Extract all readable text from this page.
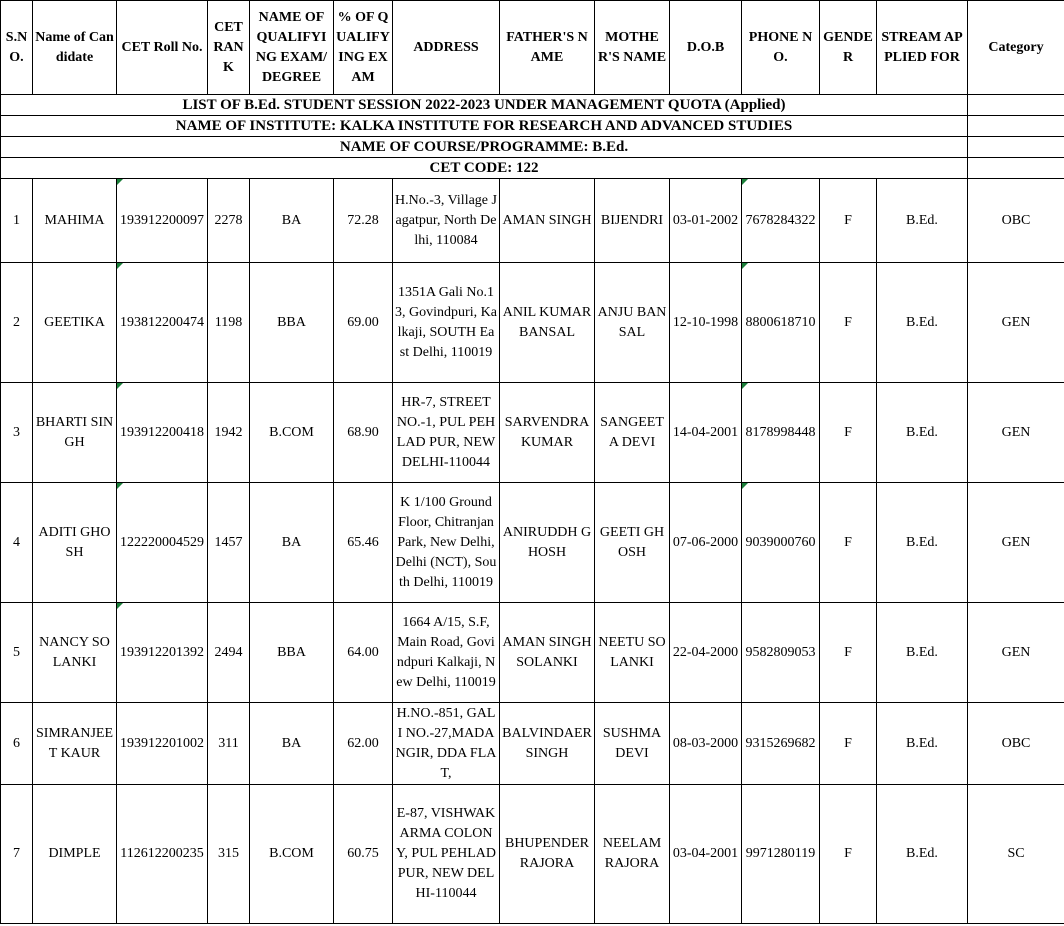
LIST OF B.Ed. STUDENT SESSION 2022-2023 UNDER MANAGEMENT QUOTA (Applied)													
NAME OF INSTITUTE: KALKA INSTITUTE FOR RESEARCH AND ADVANCED STUDIES													
NAME OF COURSE/PROGRAMME: B.Ed.													
CET CODE: 122													
S.NO.	Name of Candidate	CET Roll No.	CET RANK	NAME OF QUALIFYING EXAM/DEGREE	% OF QUALIFYING EXAM	ADDRESS	FATHER'S NAME	MOTHER'S NAME	D.O.B	PHONE NO.	GENDER	STREAM APPLIED FOR	Category
1	MAHIMA	193912200097	2278	BA	72.28	H.No.-3, Village Jagatpur, North Delhi, 110084	AMAN SINGH	BIJENDRI	03-01-2002	7678284322	F	B.Ed.	OBC
2	GEETIKA	193812200474	1198	BBA	69.00	1351A Gali No.13, Govindpuri, Kalkaji, SOUTH East Delhi, 110019	ANIL KUMAR BANSAL	ANJU BANSAL	12-10-1998	8800618710	F	B.Ed.	GEN
3	BHARTI SINGH	193912200418	1942	B.COM	68.90	HR-7, STREET NO.-1, PUL PEHLAD PUR, NEW DELHI-110044	SARVENDRA KUMAR	SANGEETA DEVI	14-04-2001	8178998448	F	B.Ed.	GEN
4	ADITI GHOSH	122220004529	1457	BA	65.46	K 1/100 Ground Floor, Chitranjan Park, New Delhi, Delhi (NCT), South Delhi, 110019	ANIRUDDH GHOSH	GEETI GHOSH	07-06-2000	9039000760	F	B.Ed.	GEN
5	NANCY SOLANKI	193912201392	2494	BBA	64.00	1664 A/15, S.F, Main Road, Govindpuri Kalkaji, New Delhi, 110019	AMAN SINGH SOLANKI	NEETU SOLANKI	22-04-2000	9582809053	F	B.Ed.	GEN
6	SIMRANJEET KAUR	193912201002	311	BA	62.00	H.NO.-851, GALI NO.-27,MADANGIR, DDA FLAT,	BALVINDAER SINGH	SUSHMA DEVI	08-03-2000	9315269682	F	B.Ed.	OBC
7	DIMPLE	112612200235	315	B.COM	60.75	E-87, VISHWAKARMA COLONY, PUL PEHLADPUR, NEW DELHI-110044	BHUPENDER RAJORA	NEELAM RAJORA	03-04-2001	9971280119	F	B.Ed.	SC
